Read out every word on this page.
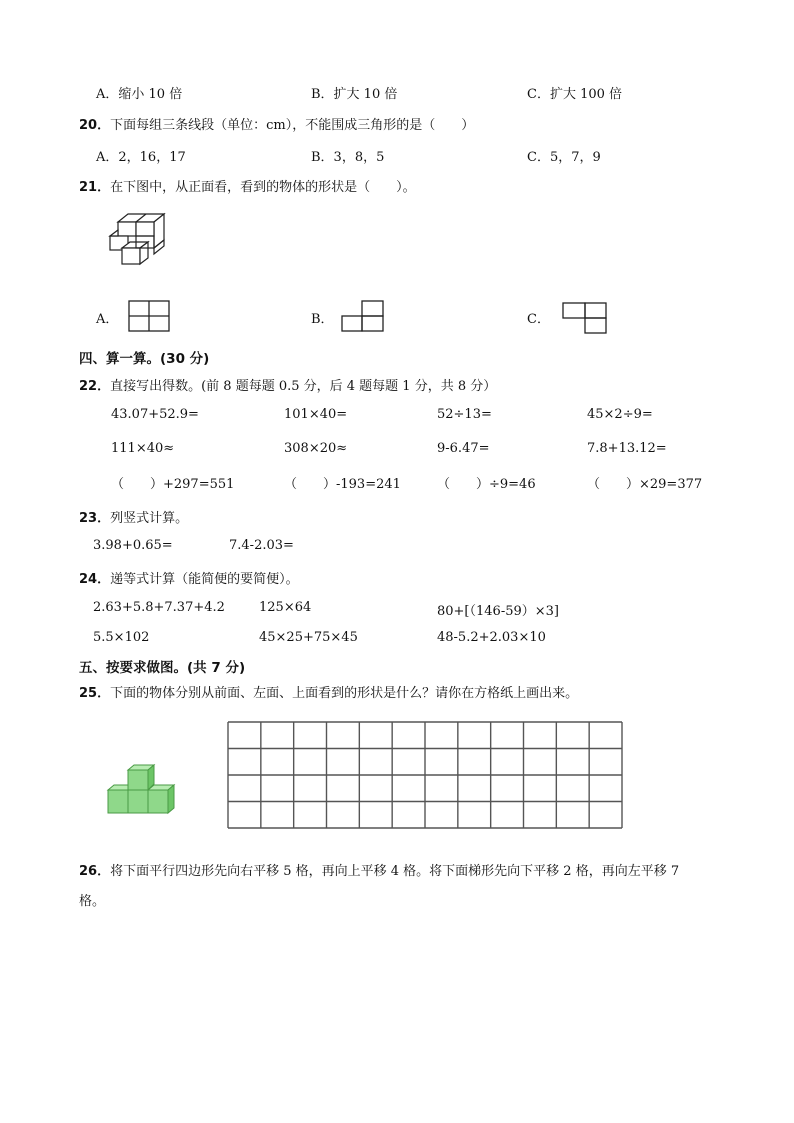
A．缩小 10 倍	B．扩大 10 倍	C．扩大 100 倍
20．下面每组三条线段（单位：cm），不能围成三角形的是（　　）
A．2，16，17	B．3，8，5	C．5，7，9
21．在下图中，从正面看，看到的物体的形状是（　　）。
A．	B．	C．
四、算一算。(30 分)
22．直接写出得数。(前 8 题每题 0.5 分，后 4 题每题 1 分，共 8 分）
43.07+52.9=	101×40=	52÷13=	45×2÷9=
111×40≈	308×20≈	9-6.47=	7.8+13.12=
（　　）+297=551	（　　）-193=241	（　　）÷9=46	（　　）×29=377
23．列竖式计算。
3.98+0.65=	7.4-2.03=
24．递等式计算（能简便的要简便）。
2.63+5.8+7.37+4.2	125×64	80+[（146-59）×3]
5.5×102	45×25+75×45	48-5.2+2.03×10
五、按要求做图。(共 7 分)
25．下面的物体分别从前面、左面、上面看到的形状是什么？请你在方格纸上画出来。
26．将下面平行四边形先向右平移 5 格，再向上平移 4 格。将下面梯形先向下平移 2 格，再向左平移 7
格。
